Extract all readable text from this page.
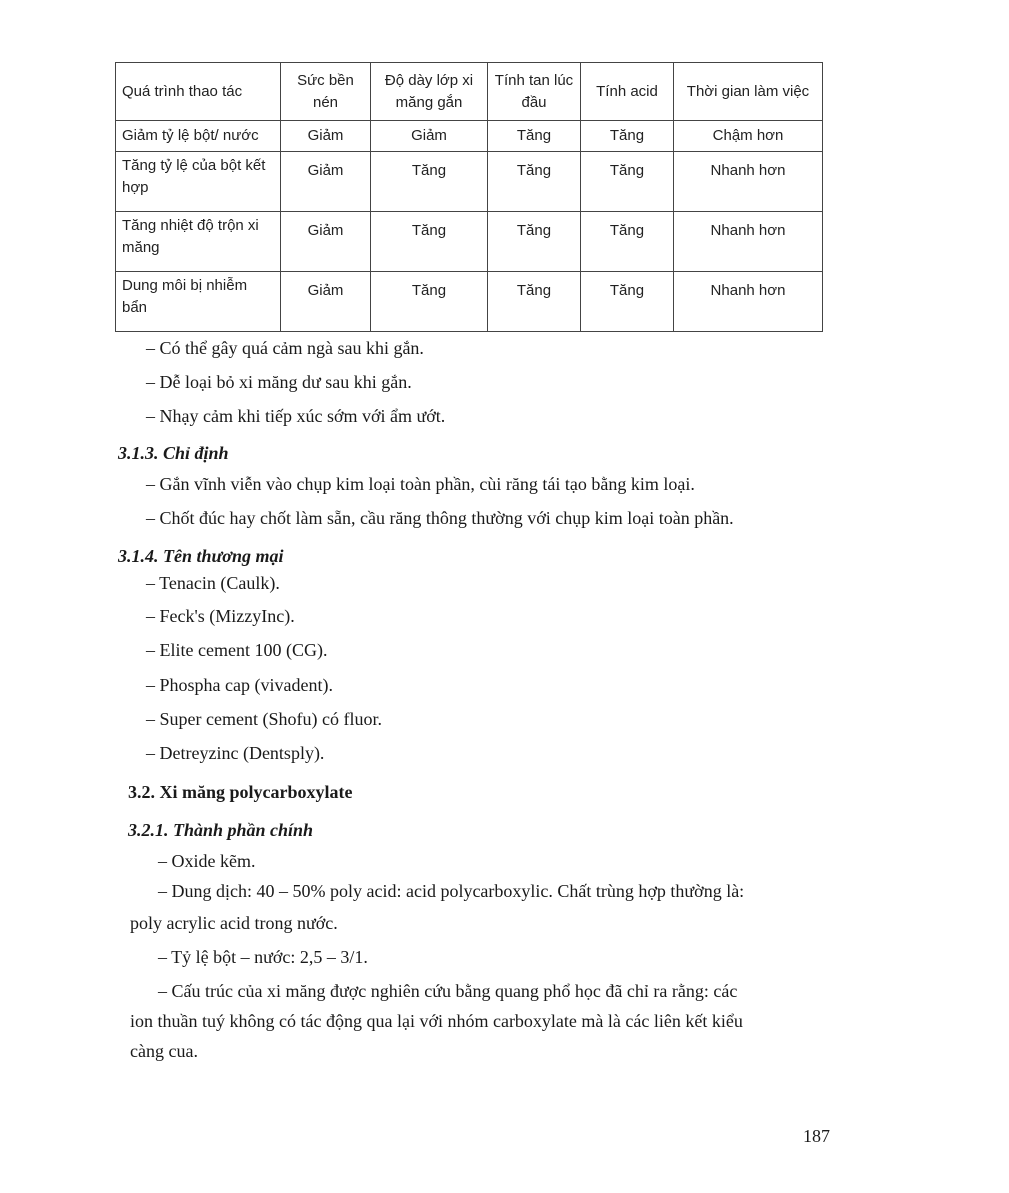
Quá trình thao tác	Sức bền nén	Độ dày lớp xi măng gắn	Tính tan lúc đầu	Tính acid	Thời gian làm việc
Giảm tỷ lệ bột/ nước	Giảm	Giảm	Tăng	Tăng	Chậm hơn
Tăng tỷ lệ của bột kết hợp	Giảm	Tăng	Tăng	Tăng	Nhanh hơn
Tăng nhiệt độ trộn xi măng	Giảm	Tăng	Tăng	Tăng	Nhanh hơn
Dung môi bị nhiễm bẩn	Giảm	Tăng	Tăng	Tăng	Nhanh hơn
– Có thể gây quá cảm ngà sau khi gắn.
– Dễ loại bỏ xi măng dư sau khi gắn.
– Nhạy cảm khi tiếp xúc sớm với ẩm ướt.
3.1.3. Chỉ định
– Gắn vĩnh viễn vào chụp kim loại toàn phần, cùi răng tái tạo bằng kim loại.
– Chốt đúc hay chốt làm sẵn, cầu răng thông thường với chụp kim loại toàn phần.
3.1.4. Tên thương mại
– Tenacin (Caulk).
– Feck's (MizzyInc).
– Elite cement 100 (CG).
– Phospha cap (vivadent).
– Super cement (Shofu) có fluor.
– Detreyzinc (Dentsply).
3.2. Xi măng polycarboxylate
3.2.1. Thành phần chính
– Oxide kẽm.
– Dung dịch: 40 – 50% poly acid: acid polycarboxylic. Chất trùng hợp thường là:
poly acrylic acid trong nước.
– Tỷ lệ bột – nước: 2,5 – 3/1.
– Cấu trúc của xi măng được nghiên cứu bằng quang phổ học đã chỉ ra rằng: các
ion thuần tuý không có tác động qua lại với nhóm carboxylate mà là các liên kết kiểu
càng cua.
187
